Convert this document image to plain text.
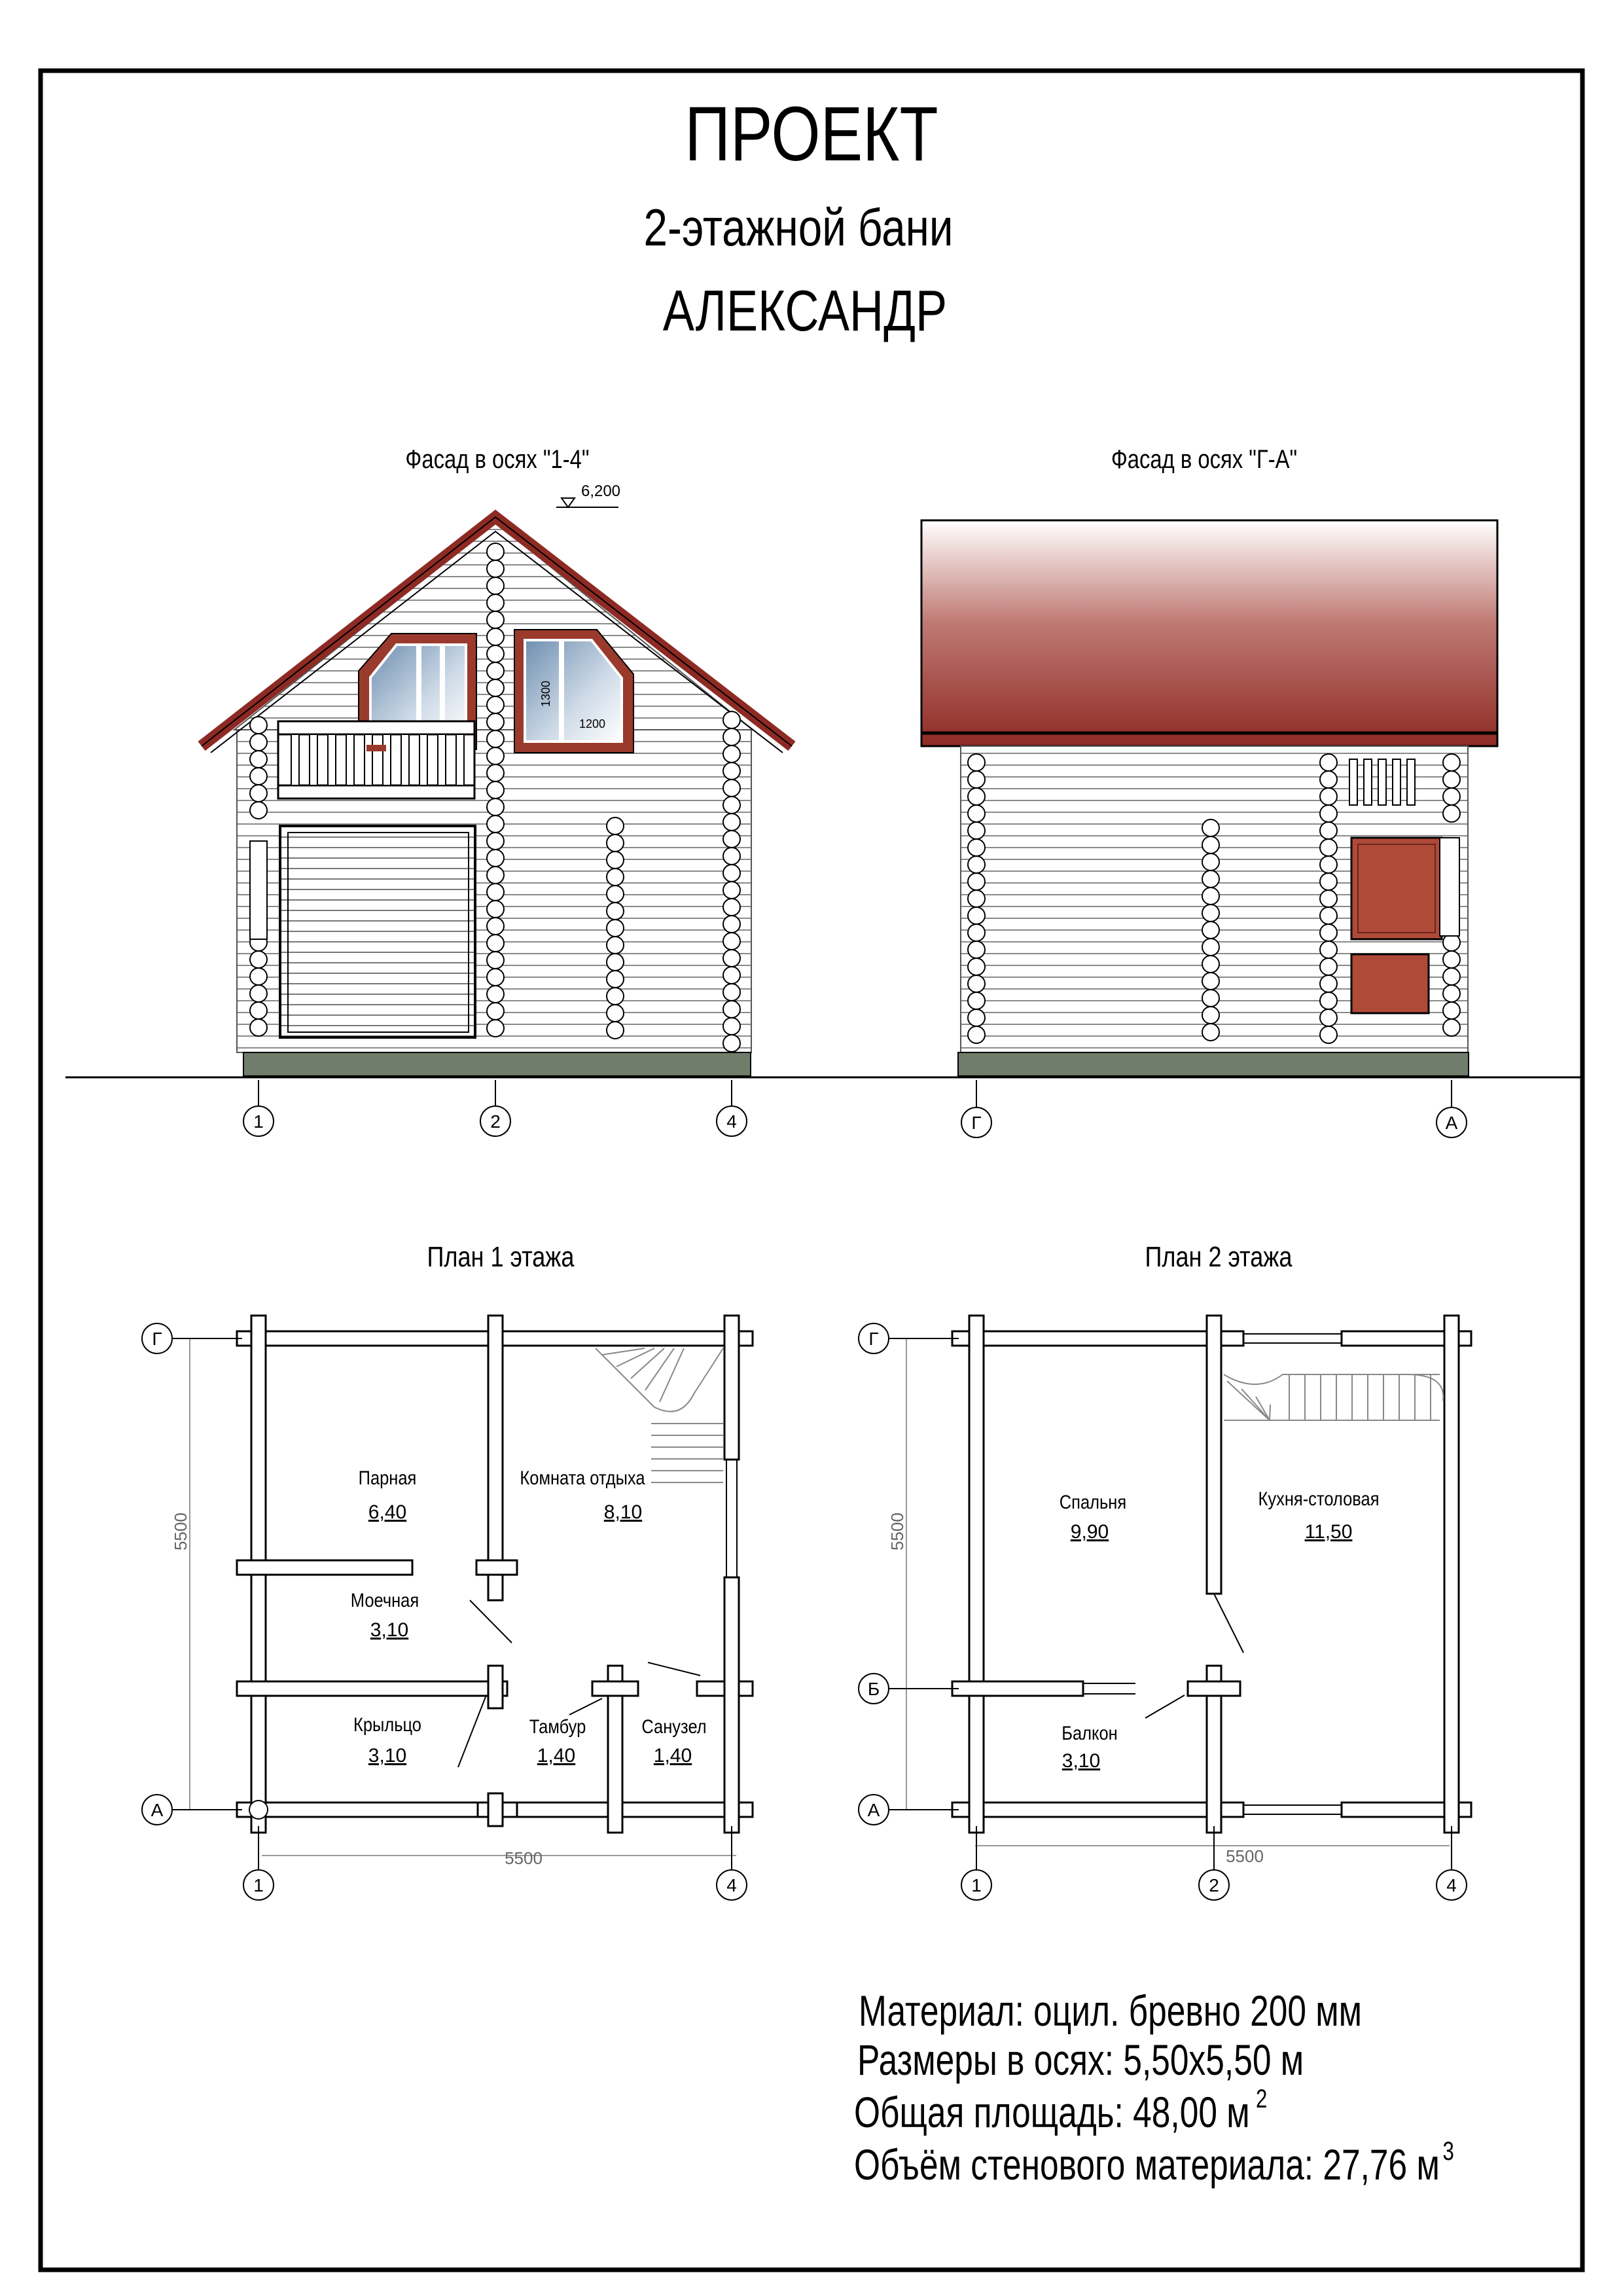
ПРОЕКТ
2-этажной бани
АЛЕКСАНДР
Фасад в осях "1-4"
6,200
1300
1200
Фасад в осях "Г-А"
1	2	4	Г	А
План 1 этажа
5500
5500
Парная
6,40
Комната отдыха
8,10
Моечная
3,10
Крыльцо
3,10
Тамбур
1,40
Санузел
1,40
План 2 этажа
5500
5500
Спальня
9,90
Кухня-столовая
11,50
Балкон
3,10
Г
А
1	4
Г
Б
А
1	2	4
Материал: оцил. бревно 200 мм
Размеры в осях: 5,50х5,50 м
Общая площадь: 48,00 м $^2$
Объём стенового материала: 27,76 м $^3$
